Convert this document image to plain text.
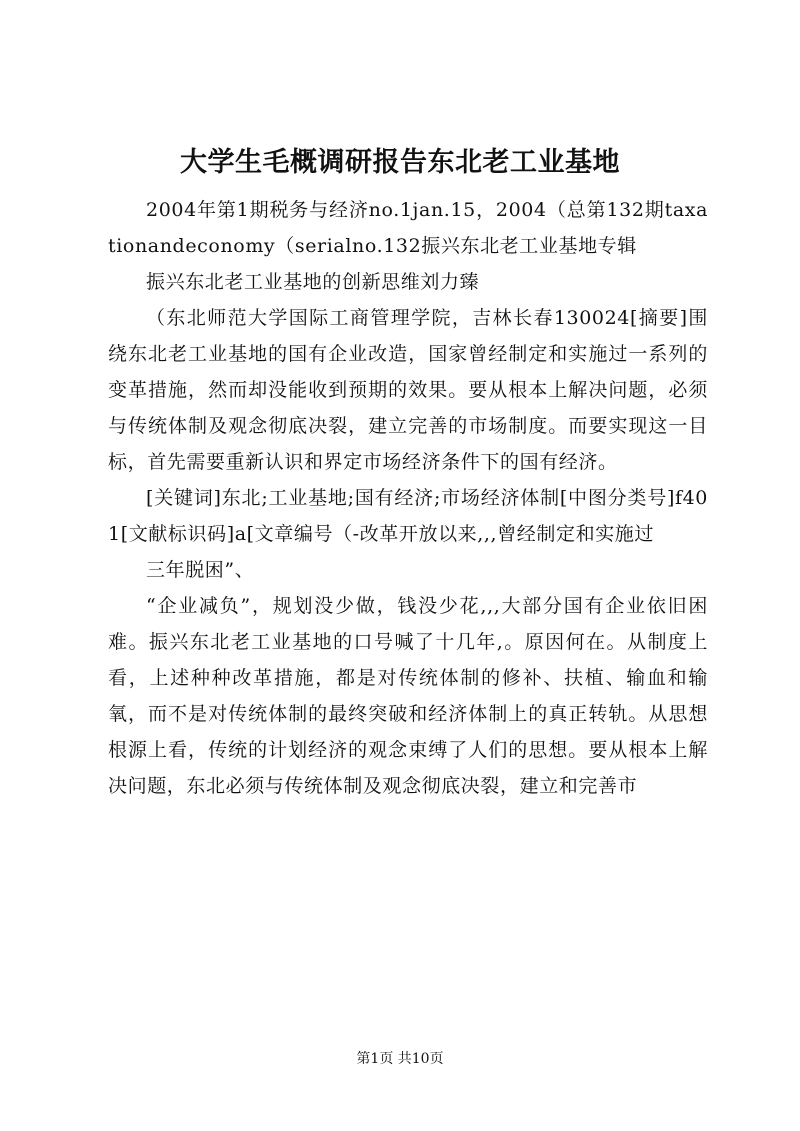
大学生毛概调研报告东北老工业基地

2004年第1期税务与经济no.1jan.15，2004（总第132期taxationandeconomy（serialno.132振兴东北老工业基地专辑

振兴东北老工业基地的创新思维刘力臻

（东北师范大学国际工商管理学院，吉林长春130024[摘要]围绕东北老工业基地的国有企业改造，国家曾经制定和实施过一系列的变革措施，然而却没能收到预期的效果。要从根本上解决问题，必须与传统体制及观念彻底决裂，建立完善的市场制度。而要实现这一目标，首先需要重新认识和界定市场经济条件下的国有经济。

[关键词]东北;工业基地;国有经济;市场经济体制[中图分类号]f401[文献标识码]a[文章编号（-改革开放以来,,,曾经制定和实施过

三年脱困”、

“企业减负”，规划没少做，钱没少花,,,大部分国有企业依旧困难。振兴东北老工业基地的口号喊了十几年,。原因何在。从制度上看，上述种种改革措施，都是对传统体制的修补、扶植、输血和输氧，而不是对传统体制的最终突破和经济体制上的真正转轨。从思想根源上看，传统的计划经济的观念束缚了人们的思想。要从根本上解决问题，东北必须与传统体制及观念彻底决裂，建立和完善市

第1页 共10页
